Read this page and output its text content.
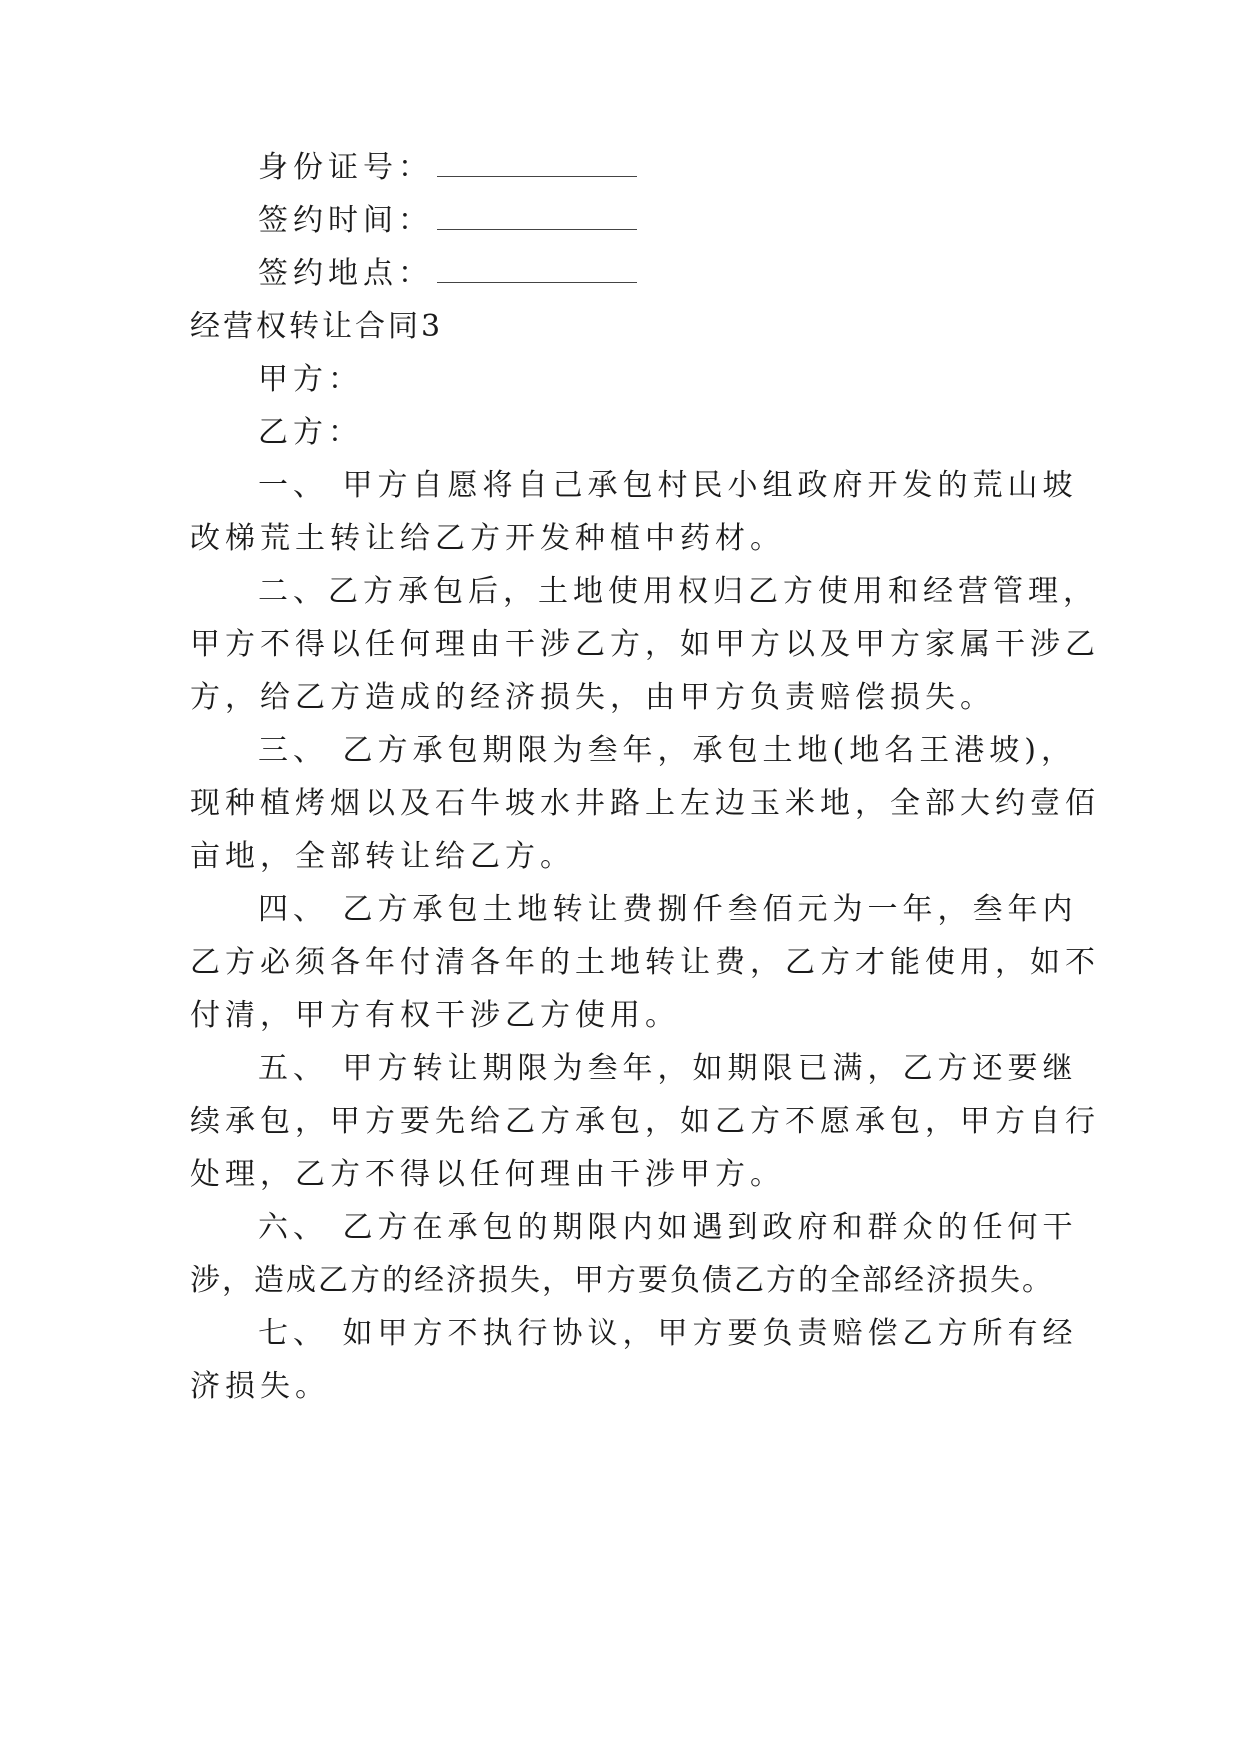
身份证号：
签约时间：
签约地点：
经营权转让合同3
甲方：
乙方：
一、 甲方自愿将自己承包村民小组政府开发的荒山坡
改梯荒土转让给乙方开发种植中药材。
二、乙方承包后，土地使用权归乙方使用和经营管理，
甲方不得以任何理由干涉乙方，如甲方以及甲方家属干涉乙
方，给乙方造成的经济损失，由甲方负责赔偿损失。
三、 乙方承包期限为叁年，承包土地(地名王港坡)，
现种植烤烟以及石牛坡水井路上左边玉米地，全部大约壹佰
亩地，全部转让给乙方。
四、 乙方承包土地转让费捌仟叁佰元为一年，叁年内
乙方必须各年付清各年的土地转让费，乙方才能使用，如不
付清，甲方有权干涉乙方使用。
五、 甲方转让期限为叁年，如期限已满，乙方还要继
续承包，甲方要先给乙方承包，如乙方不愿承包，甲方自行
处理，乙方不得以任何理由干涉甲方。
六、 乙方在承包的期限内如遇到政府和群众的任何干
涉，造成乙方的经济损失，甲方要负债乙方的全部经济损失。
七、 如甲方不执行协议，甲方要负责赔偿乙方所有经
济损失。
